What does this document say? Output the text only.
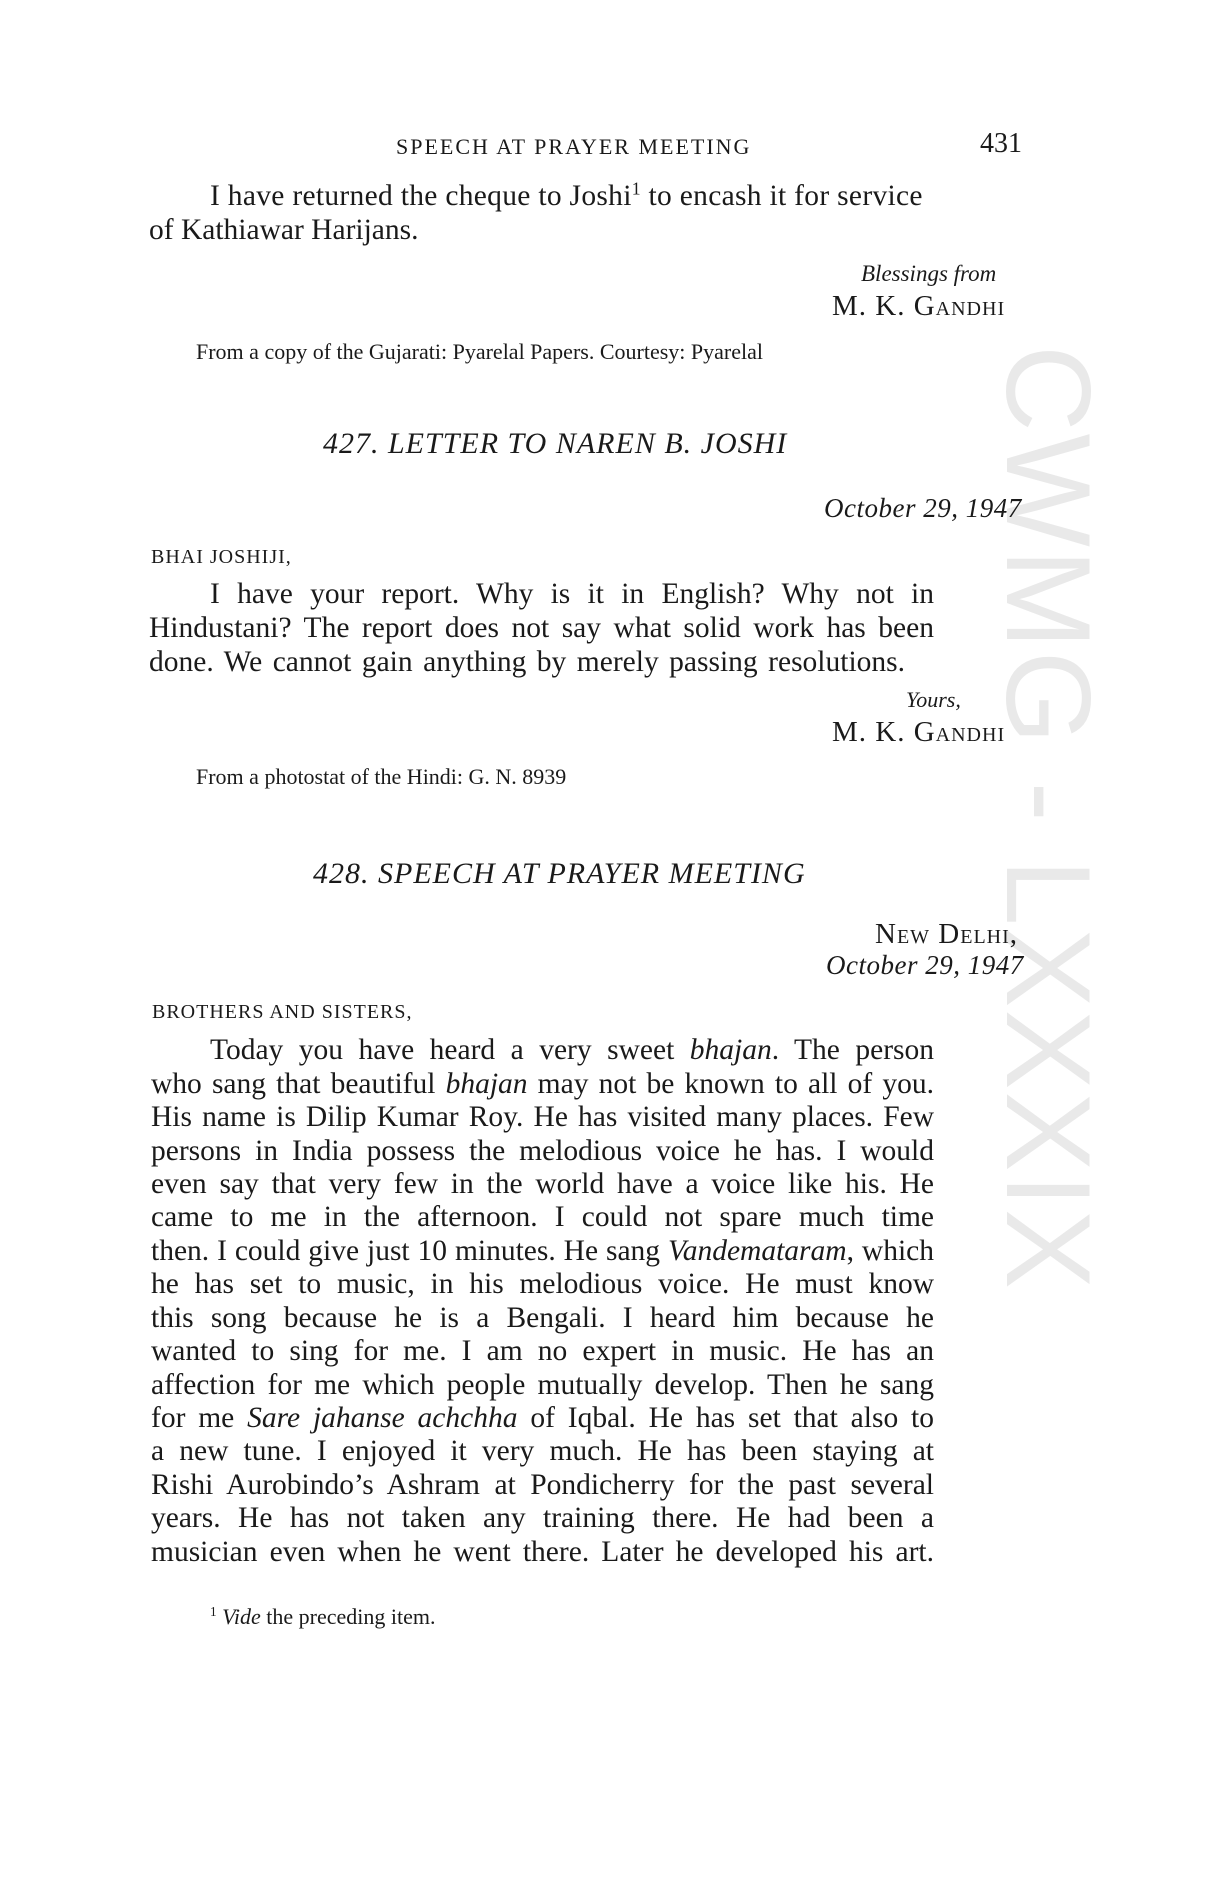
CWMG - LXXXIX
SPEECH AT PRAYER MEETING	431
I have returned the cheque to Joshi$^1$ to encash it for service
of Kathiawar Harijans.
Blessings from
M. K. Gandhi
From a copy of the Gujarati: Pyarelal Papers. Courtesy: Pyarelal
427. LETTER TO NAREN B. JOSHI
October 29, 1947
BHAI JOSHIJI,
I have your report. Why is it in English? Why not in
Hindustani? The report does not say what solid work has been
done. We cannot gain anything by merely passing resolutions.
Yours,
M. K. Gandhi
From a photostat of the Hindi: G. N. 8939
428. SPEECH AT PRAYER MEETING
New Delhi,
October 29, 1947
BROTHERS AND SISTERS,
Today you have heard a very sweet bhajan. The person
who sang that beautiful bhajan may not be known to all of you.
His name is Dilip Kumar Roy. He has visited many places. Few
persons in India possess the melodious voice he has. I would
even say that very few in the world have a voice like his. He
came to me in the afternoon. I could not spare much time
then. I could give just 10 minutes. He sang Vandemataram, which
he has set to music, in his melodious voice. He must know
this song because he is a Bengali. I heard him because he
wanted to sing for me. I am no expert in music. He has an
affection for me which people mutually develop. Then he sang
for me Sare jahanse achchha of Iqbal. He has set that also to
a new tune. I enjoyed it very much. He has been staying at
Rishi Aurobindo’s Ashram at Pondicherry for the past several
years. He has not taken any training there. He had been a
musician even when he went there. Later he developed his art.
$^1$ Vide the preceding item.
